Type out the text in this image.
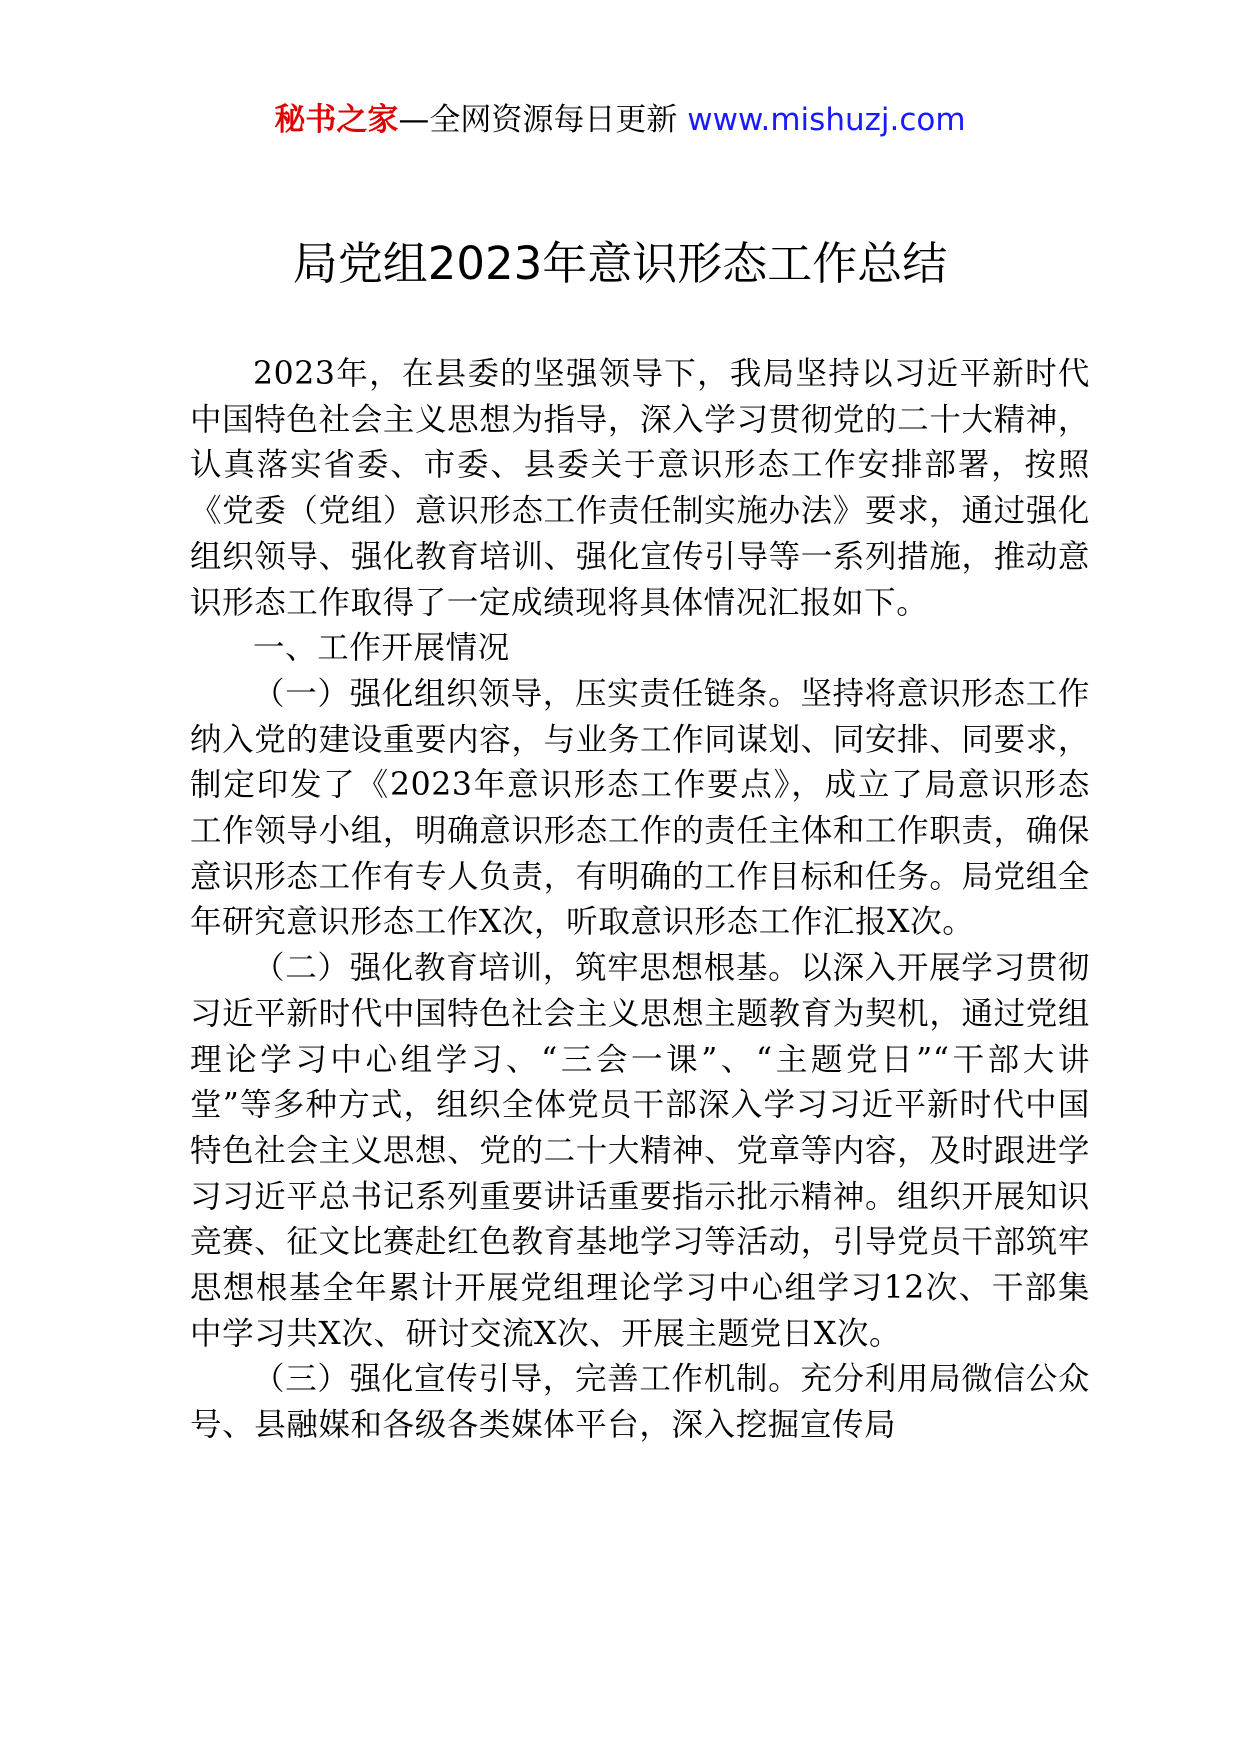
秘书之家—全网资源每日更新 www.mishuzj.com
局党组2023年意识形态工作总结

2023年，在县委的坚强领导下，我局坚持以习近平新时代中国特色社会主义思想为指导，深入学习贯彻党的二十大精神，认真落实省委、市委、县委关于意识形态工作安排部署，按照《党委（党组）意识形态工作责任制实施办法》要求，通过强化组织领导、强化教育培训、强化宣传引导等一系列措施，推动意识形态工作取得了一定成绩现将具体情况汇报如下。

一、工作开展情况

（一）强化组织领导，压实责任链条。坚持将意识形态工作纳入党的建设重要内容，与业务工作同谋划、同安排、同要求，制定印发了《2023年意识形态工作要点》，成立了局意识形态工作领导小组，明确意识形态工作的责任主体和工作职责，确保意识形态工作有专人负责，有明确的工作目标和任务。局党组全年研究意识形态工作X次，听取意识形态工作汇报X次。

（二）强化教育培训，筑牢思想根基。以深入开展学习贯彻习近平新时代中国特色社会主义思想主题教育为契机，通过党组理论学习中心组学习、“三会一课”、“主题党日”“干部大讲堂”等多种方式，组织全体党员干部深入学习习近平新时代中国特色社会主义思想、党的二十大精神、党章等内容，及时跟进学习习近平总书记系列重要讲话重要指示批示精神。组织开展知识竞赛、征文比赛赴红色教育基地学习等活动，引导党员干部筑牢思想根基全年累计开展党组理论学习中心组学习12次、干部集中学习共X次、研讨交流X次、开展主题党日X次。

（三）强化宣传引导，完善工作机制。充分利用局微信公众号、县融媒和各级各类媒体平台，深入挖掘宣传局
